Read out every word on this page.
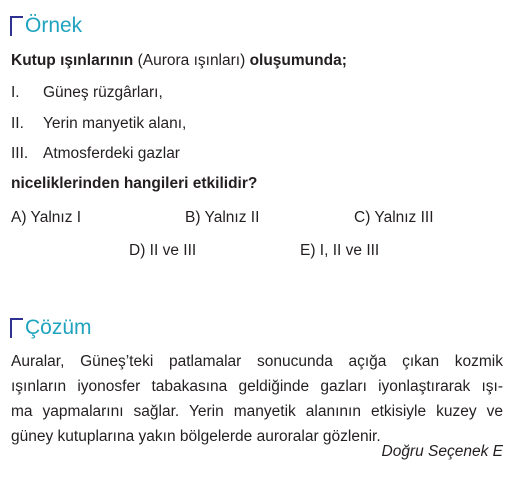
Örnek
Kutup ışınlarının (Aurora ışınları) oluşumunda;
I. Güneş rüzgârları,
II. Yerin manyetik alanı,
III. Atmosferdeki gazlar
niceliklerinden hangileri etkilidir?
A) Yalnız I	B) Yalnız II	C) Yalnız III
D) II ve III	E) I, II ve III
Çözüm
Auralar, Güneş’teki patlamalar sonucunda açığa çıkan kozmik
ışınların iyonosfer tabakasına geldiğinde gazları iyonlaştırarak ışı-
ma yapmalarını sağlar. Yerin manyetik alanının etkisiyle kuzey ve
güney kutuplarına yakın bölgelerde auroralar gözlenir.
Doğru Seçenek E
